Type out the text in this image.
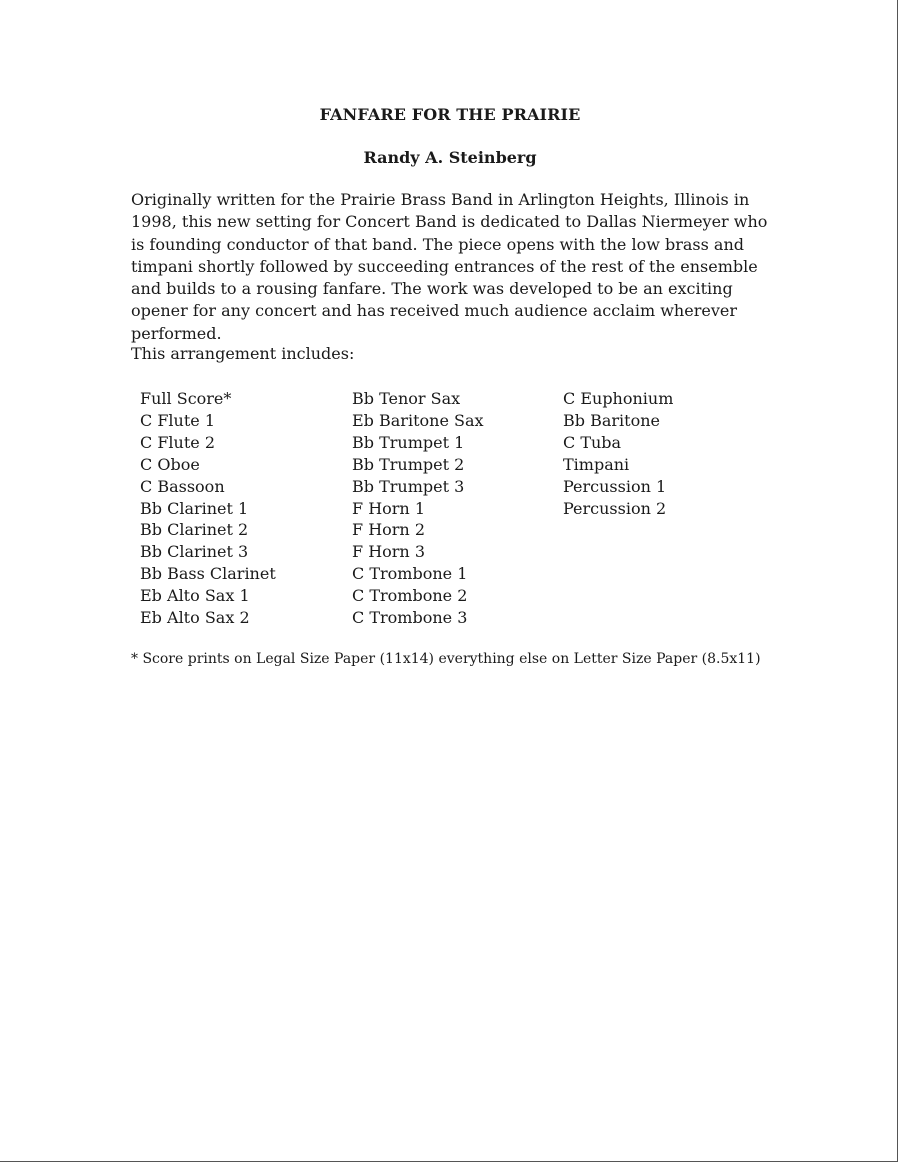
FANFARE FOR THE PRAIRIE
Randy A. Steinberg

Originally written for the Prairie Brass Band in Arlington Heights, Illinois in 1998, this new setting for Concert Band is dedicated to Dallas Niermeyer who is founding conductor of that band. The piece opens with the low brass and timpani shortly followed by succeeding entrances of the rest of the ensemble and builds to a rousing fanfare. The work was developed to be an exciting opener for any concert and has received much audience acclaim wherever performed.

This arrangement includes:

Full Score*
C Flute 1
C Flute 2
C Oboe
C Bassoon
Bb Clarinet 1
Bb Clarinet 2
Bb Clarinet 3
Bb Bass Clarinet
Eb Alto Sax 1
Eb Alto Sax 2
Bb Tenor Sax
Eb Baritone Sax
Bb Trumpet 1
Bb Trumpet 2
Bb Trumpet 3
F Horn 1
F Horn 2
F Horn 3
C Trombone 1
C Trombone 2
C Trombone 3
C Euphonium
Bb Baritone
C Tuba
Timpani
Percussion 1
Percussion 2

* Score prints on Legal Size Paper (11x14) everything else on Letter Size Paper (8.5x11)
